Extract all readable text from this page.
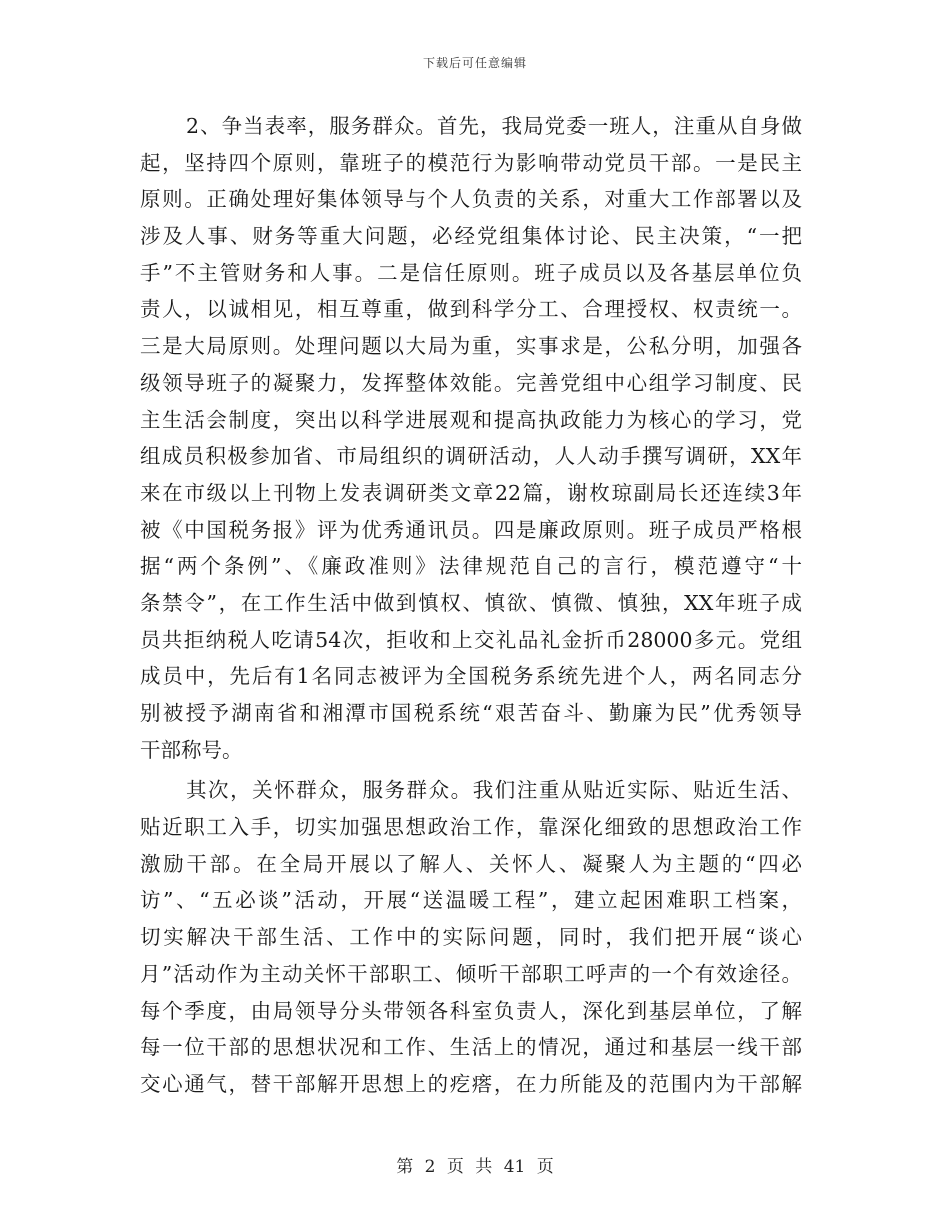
下载后可任意编辑
2、争当表率，服务群众。首先，我局党委一班人，注重从自身做
起，坚持四个原则，靠班子的模范行为影响带动党员干部。一是民主
原则。正确处理好集体领导与个人负责的关系，对重大工作部署以及
涉及人事、财务等重大问题，必经党组集体讨论、民主决策，“一把
手”不主管财务和人事。二是信任原则。班子成员以及各基层单位负
责人，以诚相见，相互尊重，做到科学分工、合理授权、权责统一。
三是大局原则。处理问题以大局为重，实事求是，公私分明，加强各
级领导班子的凝聚力，发挥整体效能。完善党组中心组学习制度、民
主生活会制度，突出以科学进展观和提高执政能力为核心的学习，党
组成员积极参加省、市局组织的调研活动，人人动手撰写调研，XX年
来在市级以上刊物上发表调研类文章22篇，谢枚琼副局长还连续3年
被《中国税务报》评为优秀通讯员。四是廉政原则。班子成员严格根
据“两个条例”、《廉政准则》法律规范自己的言行，模范遵守“十
条禁令”，在工作生活中做到慎权、慎欲、慎微、慎独，XX年班子成
员共拒纳税人吃请54次，拒收和上交礼品礼金折币28000多元。党组
成员中，先后有1名同志被评为全国税务系统先进个人，两名同志分
别被授予湖南省和湘潭市国税系统“艰苦奋斗、勤廉为民”优秀领导
干部称号。
其次，关怀群众，服务群众。我们注重从贴近实际、贴近生活、
贴近职工入手，切实加强思想政治工作，靠深化细致的思想政治工作
激励干部。在全局开展以了解人、关怀人、凝聚人为主题的“四必
访”、“五必谈”活动，开展“送温暖工程”，建立起困难职工档案，
切实解决干部生活、工作中的实际问题，同时，我们把开展“谈心
月”活动作为主动关怀干部职工、倾听干部职工呼声的一个有效途径。
每个季度，由局领导分头带领各科室负责人，深化到基层单位，了解
每一位干部的思想状况和工作、生活上的情况，通过和基层一线干部
交心通气，替干部解开思想上的疙瘩，在力所能及的范围内为干部解
第 2 页 共 41 页
